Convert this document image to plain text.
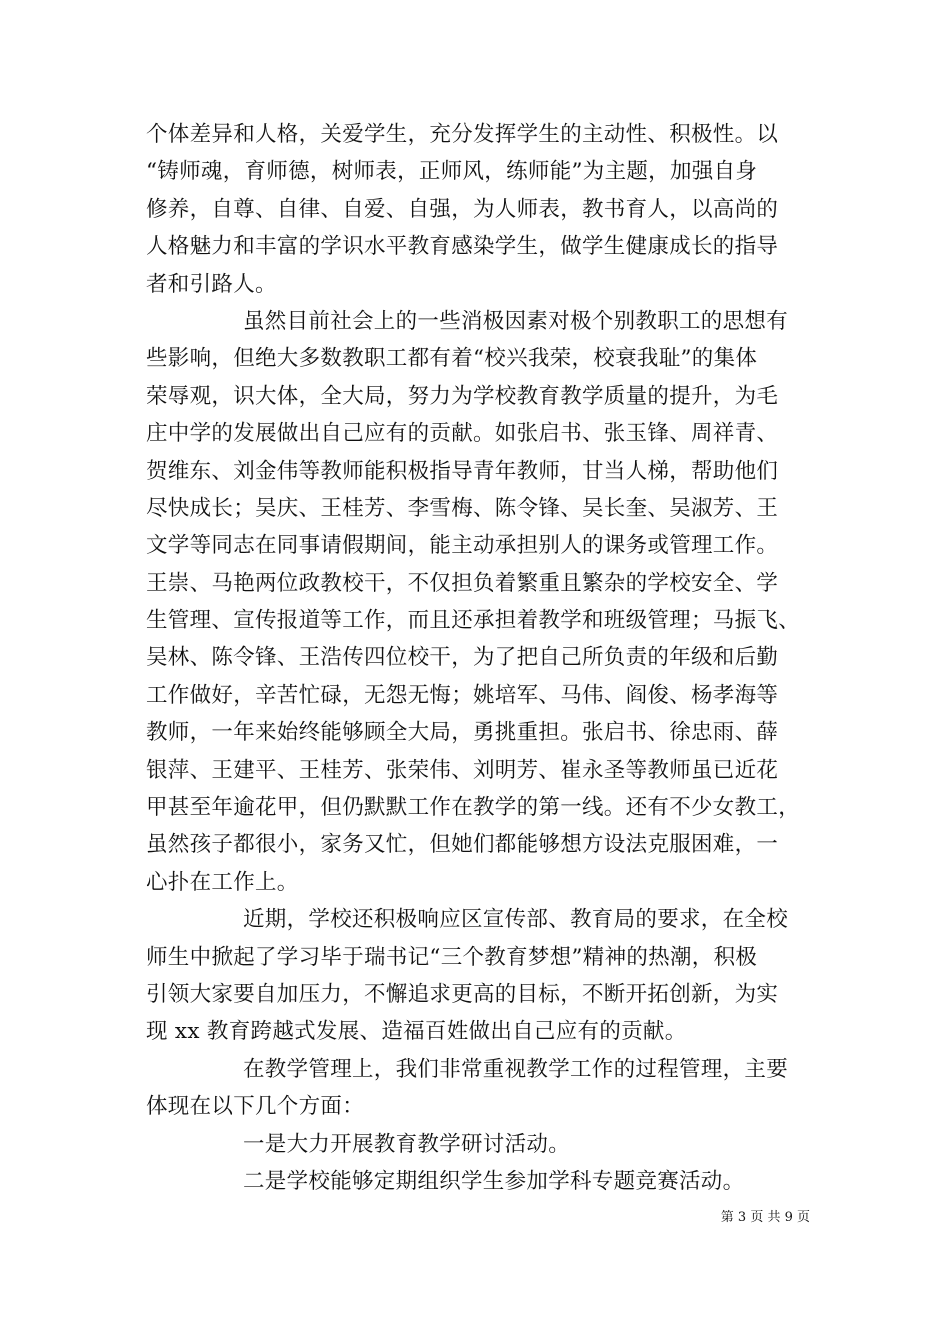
个体差异和人格，关爱学生，充分发挥学生的主动性、积极性。以
“铸师魂，育师德，树师表，正师风，练师能”为主题，加强自身
修养，自尊、自律、自爱、自强，为人师表，教书育人，以高尚的
人格魅力和丰富的学识水平教育感染学生，做学生健康成长的指导
者和引路人。
虽然目前社会上的一些消极因素对极个别教职工的思想有
些影响，但绝大多数教职工都有着“校兴我荣，校衰我耻”的集体
荣辱观，识大体，全大局，努力为学校教育教学质量的提升，为毛
庄中学的发展做出自己应有的贡献。如张启书、张玉锋、周祥青、
贺维东、刘金伟等教师能积极指导青年教师，甘当人梯，帮助他们
尽快成长；吴庆、王桂芳、李雪梅、陈令锋、吴长奎、吴淑芳、王
文学等同志在同事请假期间，能主动承担别人的课务或管理工作。
王崇、马艳两位政教校干，不仅担负着繁重且繁杂的学校安全、学
生管理、宣传报道等工作，而且还承担着教学和班级管理；马振飞、
吴林、陈令锋、王浩传四位校干，为了把自己所负责的年级和后勤
工作做好，辛苦忙碌，无怨无悔；姚培军、马伟、阎俊、杨孝海等
教师，一年来始终能够顾全大局，勇挑重担。张启书、徐忠雨、薛
银萍、王建平、王桂芳、张荣伟、刘明芳、崔永圣等教师虽已近花
甲甚至年逾花甲，但仍默默工作在教学的第一线。还有不少女教工，
虽然孩子都很小，家务又忙，但她们都能够想方设法克服困难，一
心扑在工作上。
近期，学校还积极响应区宣传部、教育局的要求，在全校
师生中掀起了学习毕于瑞书记“三个教育梦想”精神的热潮，积极
引领大家要自加压力，不懈追求更高的目标，不断开拓创新，为实
现 xx 教育跨越式发展、造福百姓做出自己应有的贡献。
在教学管理上，我们非常重视教学工作的过程管理，主要
体现在以下几个方面：
一是大力开展教育教学研讨活动。
二是学校能够定期组织学生参加学科专题竞赛活动。
第 3 页 共 9 页
